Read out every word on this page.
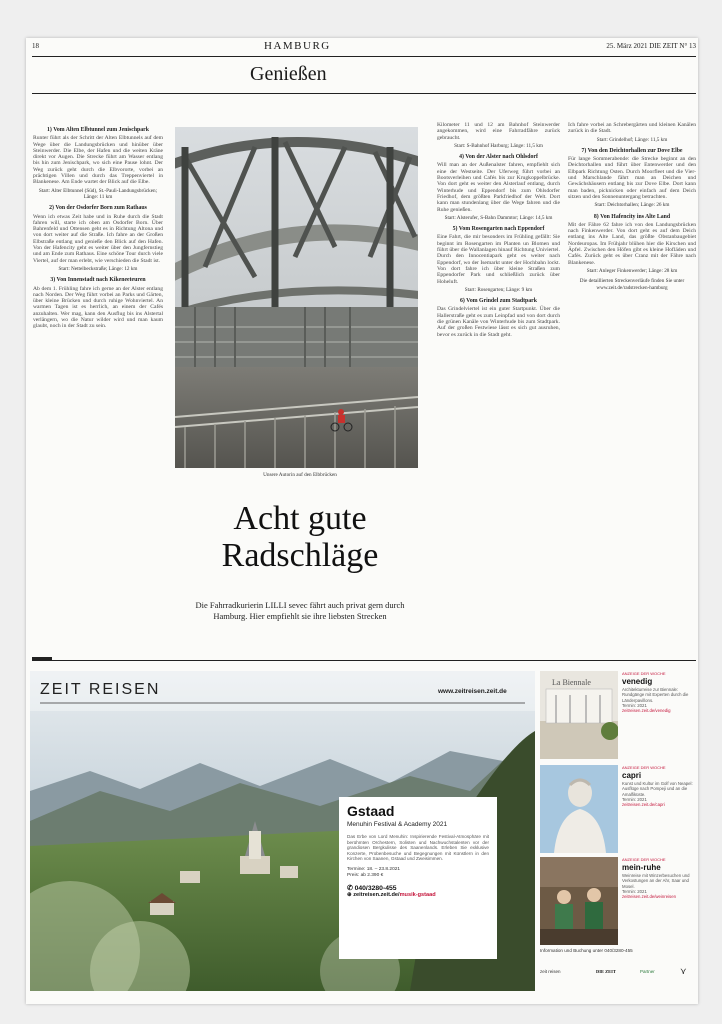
18	HAMBURG	25. März 2021 DIE ZEIT N° 13
Genießen
1) Vom Alten Elbtunnel zum Jenischpark

Runter führt als der Schritt der Alten Elbtunnels auf dem Wege über die Landungsbrücken und hinüber über Steinwerder. Die Elbe, der Hafen und die weiten Kräne direkt vor Augen. Die Strecke führt am Wasser entlang bis hin zum Jenischpark, wo sich eine Pause lohnt. Der Weg zurück geht durch die Elbvororte, vorbei an prächtigen Villen und durch das Treppenviertel in Blankenese. Am Ende wartet der Blick auf die Elbe.

Start: Alter Elbtunnel (Süd), St.-Pauli-Landungsbrücken; Länge: 11 km
2) Von der Osdorfer Born zum Rathaus

Wenn ich etwas Zeit habe und in Ruhe durch die Stadt fahren will, starte ich oben am Osdorfer Born. Über Bahrenfeld und Ottensen geht es in Richtung Altona und von dort weiter auf die Straße. Ich fahre an der Großen Elbstraße entlang und genieße den Blick auf den Hafen. Von der Hafencity geht es weiter über den Jungfernstieg und am Ende zum Rathaus. Eine schöne Tour durch viele Viertel, auf der man erlebt, wie verschieden die Stadt ist.

Start: Nettelbeckstraße; Länge: 12 km
3) Von Innenstadt nach Kikeneeteuren

Ab dem 1. Frühling fahre ich gerne an der Alster entlang nach Norden. Der Weg führt vorbei an Parks und Gärten, über kleine Brücken und durch ruhige Wohnviertel. An warmen Tagen ist es herrlich, an einem der Cafés anzuhalten. Wer mag, kann den Ausflug bis ins Alstertal verlängern, wo die Natur wilder wird und man kaum glaubt, noch in der Stadt zu sein.

Unsere Autorin auf den Elbbrücken
Acht gute
Radschläge
Die Fahrradkurierin LILLI sevec fährt auch privat gern durch Hamburg. Hier empfiehlt sie ihre liebsten Strecken

Kilometer 11 und 12 am Bahnhof Steinwerder angekommen, wird eine Fahrradfähre zurück gebraucht.

Start: S-Bahnhof Harburg; Länge: 11,5 km
4) Von der Alster nach Ohlsdorf

Will man an der Außenalster fahren, empfiehlt sich eine der Westseite. Der Uferweg führt vorbei an Bootsverleihen und Cafés bis zur Krugkoppelbrücke. Von dort geht es weiter den Alsterlauf entlang, durch Winterhude und Eppendorf bis zum Ohlsdorfer Friedhof, dem größten Parkfriedhof der Welt. Dort kann man stundenlang über die Wege fahren und die Ruhe genießen.

Start: Alsterufer, S-Bahn Dammtor; Länge: 14,5 km
5) Vom Rosengarten nach Eppendorf

Eine Fahrt, die mir besonders im Frühling gefällt: Sie beginnt im Rosengarten im Planten un Blomen und führt über die Wallanlagen hinauf Richtung Univiertel. Durch den Innocentiapark geht es weiter nach Eppendorf, wo der Isemarkt unter der Hochbahn lockt. Von dort fahre ich über kleine Straßen zum Eppendorfer Park und schließlich zurück über Hoheluft.

Start: Rosengarten; Länge: 9 km
6) Vom Grindel zum Stadtpark

Das Grindelviertel ist ein guter Startpunkt. Über die Hallerstraße geht es zum Leinpfad und von dort durch die grünen Kanäle von Winterhude bis zum Stadtpark. Auf der großen Festwiese lässt es sich gut ausruhen, bevor es zurück in die Stadt geht.

Ich fahre vorbei an Schrebergärten und kleinen Kanälen zurück in die Stadt.

Start: Grindelhof; Länge: 11,5 km
7) Von den Deichtorhallen zur Dove Elbe

Für lange Sommerabende: die Strecke beginnt an den Deichtorhallen und führt über Entenwerder und den Elbpark Richtung Osten. Durch Moorfleet und die Vier- und Marschlande fährt man an Deichen und Gewächshäusern entlang bis zur Dove Elbe. Dort kann man baden, picknicken oder einfach auf dem Deich sitzen und den Sonnenuntergang betrachten.

Start: Deichtorhallen; Länge: 26 km
8) Von Hafencity ins Alte Land

Mit der Fähre 62 fahre ich von den Landungsbrücken nach Finkenwerder. Von dort geht es auf dem Deich entlang ins Alte Land, das größte Obstanbaugebiet Nordeuropas. Im Frühjahr blühen hier die Kirschen und Äpfel. Zwischen den Höfen gibt es kleine Hofläden und Cafés. Zurück geht es über Cranz mit der Fähre nach Blankenese.

Start: Anleger Finkenwerder; Länge: 28 km
Die detaillierten Streckenverläufe finden Sie unter www.zeit.de/radstrecken-hamburg
ZEIT REISEN	www.zeitreisen.zeit.de
Gstaad
Menuhin Festival & Academy 2021
Das Erbe von Lord Menuhin: Inspirierende Festival-Atmosphäre mit berühmten Orchestern, Solisten und Nachwuchstalenten vor der grandiosen Bergkulisse des Saanenlands. Erleben Sie exklusive Konzerte, Probenbesuche und Begegnungen mit Künstlern in den Kirchen von Saanen, Gstaad und Zweisimmen.
Termine: 18. – 23.8.2021
Preis: ab 2.390 €
✆ 040/3280-455
⊕ zeitreisen.zeit.de/musik-gstaad
La Biennale
ANZEIGE DER WOCHE
venedig
Architekturreise zur Biennale: Rundgänge mit Experten durch die Länderpavillons.
Termin: 2021
zeitreisen.zeit.de/venedig
ANZEIGE DER WOCHE
capri
Kunst und Kultur im Golf von Neapel: Ausflüge nach Pompeji und an die Amalfiküste.
Termin: 2021
zeitreisen.zeit.de/capri
ANZEIGE DER WOCHE
mein-ruhe
Weinreise mit Winzerbesuchen und Verkostungen an der Ahr, Saar und Mosel.
Termin: 2021
zeitreisen.zeit.de/weinreisen
Information und Buchung unter 040/3280-455
zeit reisen	DIE ZEIT	Partner	⋎
